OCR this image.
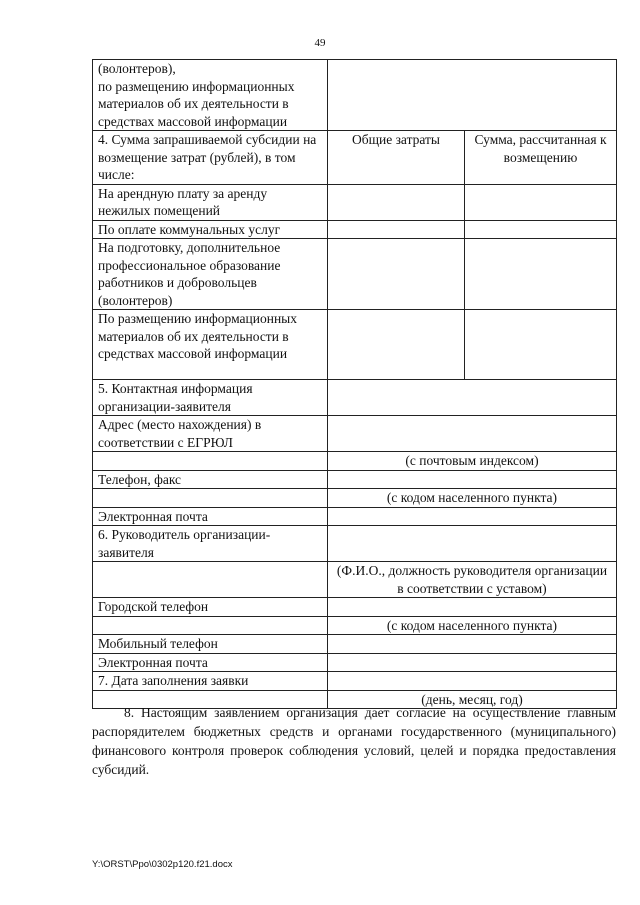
49
(волонтеров),
по размещению информационных материалов об их деятельности в средствах массовой информации		
4. Сумма запрашиваемой субсидии на возмещение затрат (рублей), в том числе:	Общие затраты	Сумма, рассчитанная к возмещению
На арендную плату за аренду нежилых помещений		
По оплате коммунальных услуг		
На подготовку, дополнительное профессиональное образование работников и добровольцев (волонтеров)		
По размещению информационных материалов об их деятельности в средствах массовой информации		
5. Контактная информация организации-заявителя		
Адрес (место нахождения) в соответствии с ЕГРЮЛ		
	(с почтовым индексом)	
Телефон, факс		
	(с кодом населенного пункта)	
Электронная почта		
6. Руководитель организации-заявителя		
	(Ф.И.О., должность руководителя организации в соответствии с уставом)	
Городской телефон		
	(с кодом населенного пункта)	
Мобильный телефон		
Электронная почта		
7. Дата заполнения заявки		
	(день, месяц, год)	

8. Настоящим заявлением организация дает согласие на осуществление главным распорядителем бюджетных средств и органами государственного (муниципального) финансового контроля проверок соблюдения условий, целей и порядка предоставления субсидий.

Y:\ORST\Ppo\0302p120.f21.docx
